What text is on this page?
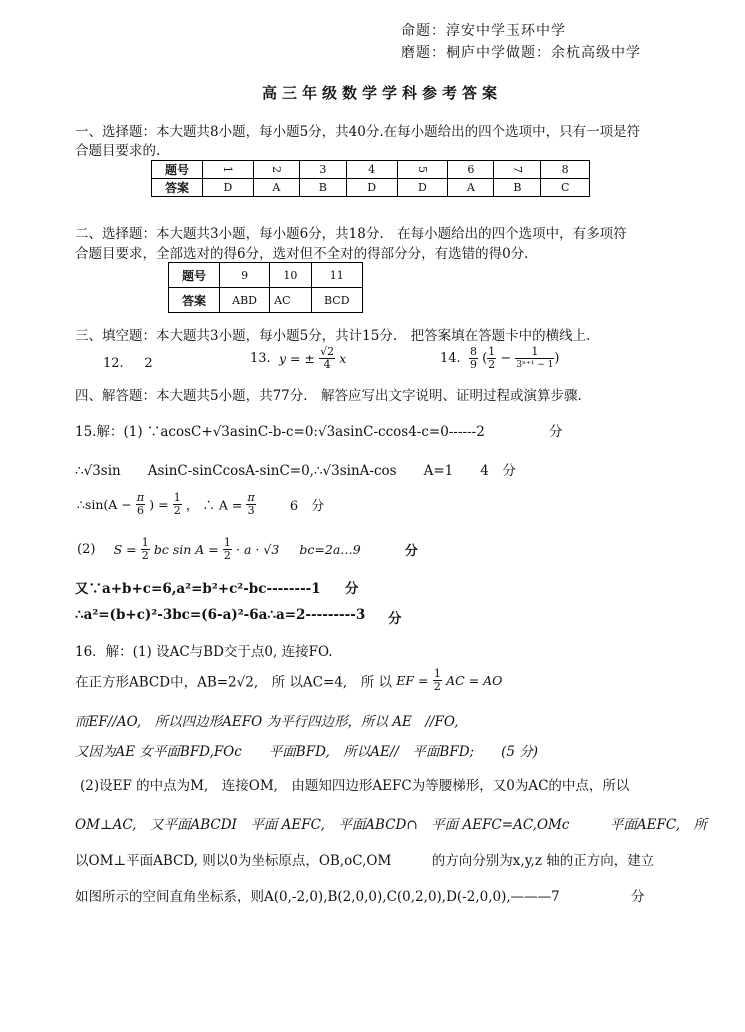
命题：淳安中学玉环中学
磨题：桐庐中学做题：余杭高级中学
高三年级数学学科参考答案
一、选择题：本大题共8小题，每小题5分，共40分.在每小题给出的四个选项中，只有一项是符
合题目要求的.
题号	1	2	3	4	5	6	7	8
答案	D	A	B	D	D	A	B	C
二、选择题：本大题共3小题，每小题6分，共18分.　在每小题给出的四个选项中，有多项符
合题目要求，全部选对的得6分，选对但不全对的得部分分，有选错的得0分.
题号	9	10	11
答案	ABD	AC	BCD
三、填空题：本大题共3小题，每小题5分，共计15分.　把答案填在答题卡中的横线上.
12. 2	13. y = ± $\frac{√2}{4}$ x	14. $\frac{8}{9}$ ( $\frac{1}{2} - \frac{1}{\text{3ⁿ⁺¹ − 1}}$ )
四、解答题：本大题共5小题，共77分.　解答应写出文字说明、证明过程或演算步骤.
15.解：(1) ∵acosC+√3asinC-b-c=0:√3asinC-ccos4-c=0------2	分
∴√3sin　　AsinC-sinCcosA-sinC=0,∴√3sinA-cos　　A=1　　4　分
∴sin(A − $\frac{\pi}{6}$ ) = $\frac{1}{2}$ ， ∴ $A = \frac{\pi}{3}$	6　分
(2) $S = \frac{1}{2}$ bc $\sin A = \frac{1}{2} \cdot a \cdot √3$ bc=2a…9	分
又∵a+b+c=6,a²=b²+c²-bc--------1 分
∴a²=(b+c)²-3bc=(6-a)²-6a∴a=2---------3 分
16．解：(1) 设AC与BD交于点0, 连接FO.
在正方形ABCD中，AB=2√2,　所 以AC=4,　所 以 EF = $\frac{1}{2}$ AC = AO
而EF//AO,　所以四边形AEFO 为平行四边形，所以 AE　//FO,
又因为AE 女平面BFD,FOc　　平面BFD,　所以AE//　平面BFD;　　(5 分)
(2)设EF 的中点为M,　连接OM,　由题知四边形AEFC为等腰梯形，又0为AC的中点，所以
OM⊥AC,　又平面ABCDI　平面 AEFC,　平面ABCD∩　平面 AEFC=AC,OMc　　　平面AEFC,　所
以OM⊥平面ABCD, 则以0为坐标原点，OB,oC,OM　　　的方向分别为x,y,z 轴的正方向，建立
如图所示的空间直角坐标系，则A(0,-2,0),B(2,0,0),C(0,2,0),D(-2,0,0),———7	分
